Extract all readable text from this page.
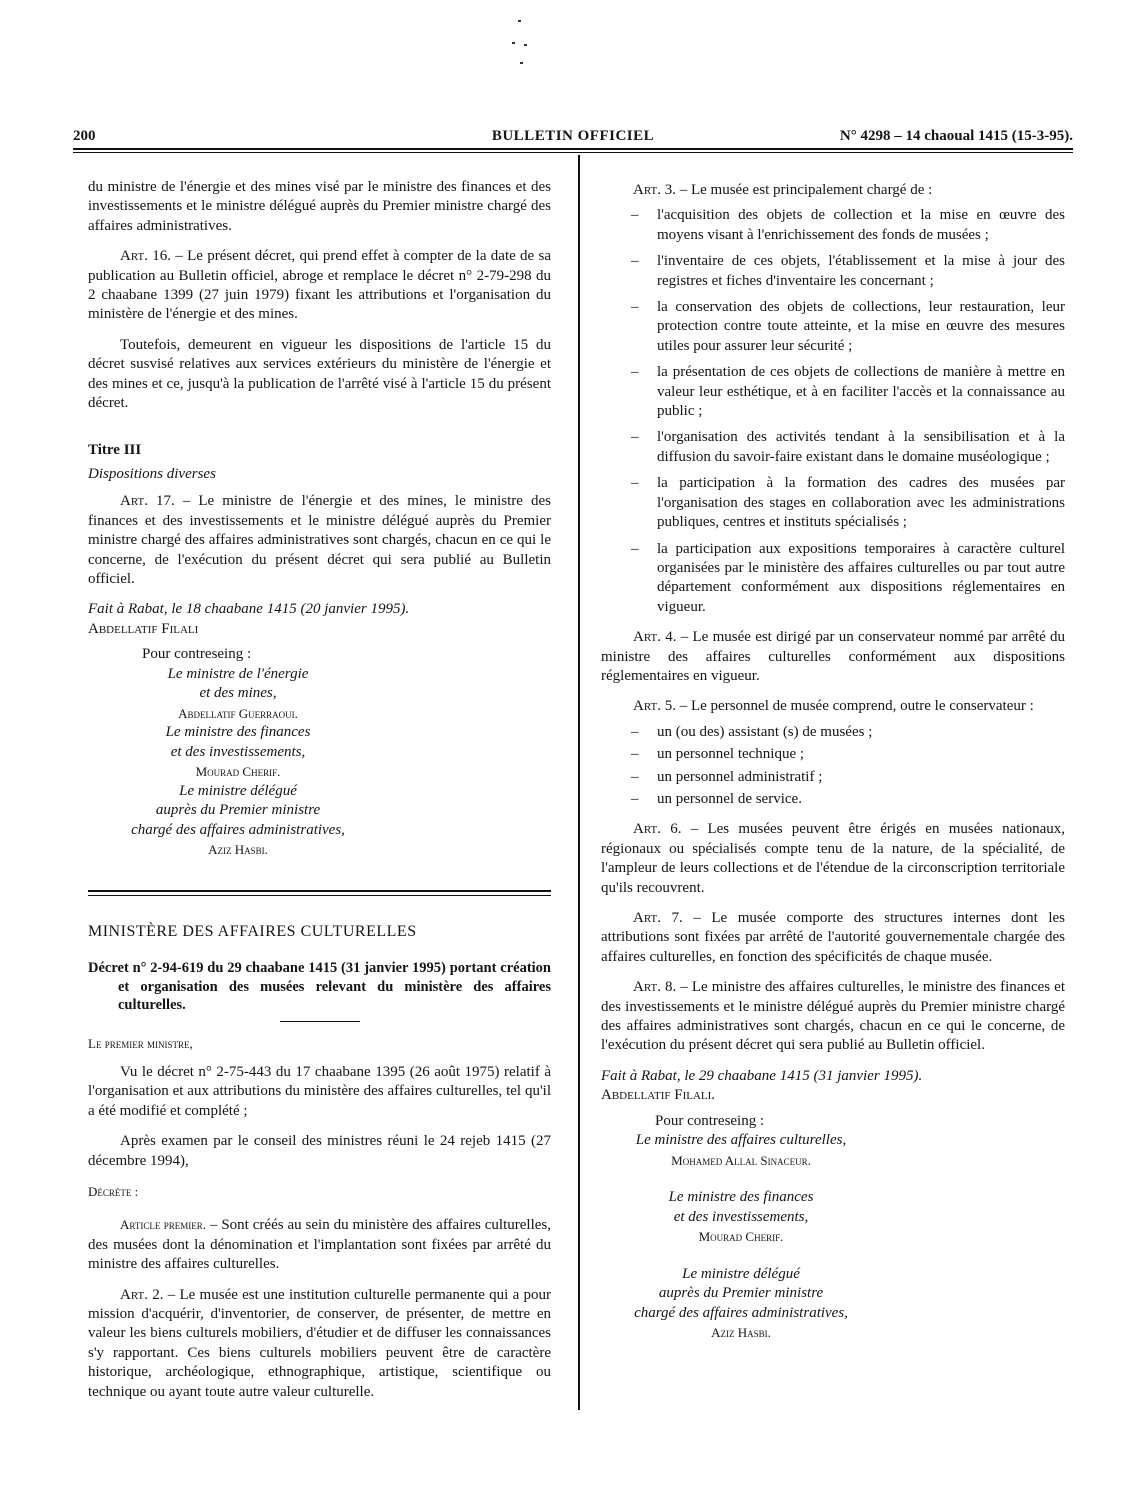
200	BULLETIN OFFICIEL	N° 4298 – 14 chaoual 1415 (15-3-95).

du ministre de l'énergie et des mines visé par le ministre des finances et des investissements et le ministre délégué auprès du Premier ministre chargé des affaires administratives.

Art. 16. – Le présent décret, qui prend effet à compter de la date de sa publication au Bulletin officiel, abroge et remplace le décret n° 2-79-298 du 2 chaabane 1399 (27 juin 1979) fixant les attributions et l'organisation du ministère de l'énergie et des mines.

Toutefois, demeurent en vigueur les dispositions de l'article 15 du décret susvisé relatives aux services extérieurs du ministère de l'énergie et des mines et ce, jusqu'à la publication de l'arrêté visé à l'article 15 du présent décret.

Titre III

Dispositions diverses

Art. 17. – Le ministre de l'énergie et des mines, le ministre des finances et des investissements et le ministre délégué auprès du Premier ministre chargé des affaires administratives sont chargés, chacun en ce qui le concerne, de l'exécution du présent décret qui sera publié au Bulletin officiel.

Fait à Rabat, le 18 chaabane 1415 (20 janvier 1995).

Abdellatif Filali

Pour contreseing :
Le ministre de l'énergie
et des mines,
Abdellatif Guerraoui.
Le ministre des finances
et des investissements,
Mourad Cherif.
Le ministre délégué
auprès du Premier ministre
chargé des affaires administratives,
Aziz Hasbi.

MINISTÈRE DES AFFAIRES CULTURELLES

Décret n° 2-94-619 du 29 chaabane 1415 (31 janvier 1995) portant création et organisation des musées relevant du ministère des affaires culturelles.

Le premier ministre,

Vu le décret n° 2-75-443 du 17 chaabane 1395 (26 août 1975) relatif à l'organisation et aux attributions du ministère des affaires culturelles, tel qu'il a été modifié et complété ;

Après examen par le conseil des ministres réuni le 24 rejeb 1415 (27 décembre 1994),

Décrète :

Article premier. – Sont créés au sein du ministère des affaires culturelles, des musées dont la dénomination et l'implantation sont fixées par arrêté du ministre des affaires culturelles.

Art. 2. – Le musée est une institution culturelle permanente qui a pour mission d'acquérir, d'inventorier, de conserver, de présenter, de mettre en valeur les biens culturels mobiliers, d'étudier et de diffuser les connaissances s'y rapportant. Ces biens culturels mobiliers peuvent être de caractère historique, archéologique, ethnographique, artistique, scientifique ou technique ou ayant toute autre valeur culturelle.

Art. 3. – Le musée est principalement chargé de :

– l'acquisition des objets de collection et la mise en œuvre des moyens visant à l'enrichissement des fonds de musées ;
– l'inventaire de ces objets, l'établissement et la mise à jour des registres et fiches d'inventaire les concernant ;
– la conservation des objets de collections, leur restauration, leur protection contre toute atteinte, et la mise en œuvre des mesures utiles pour assurer leur sécurité ;
– la présentation de ces objets de collections de manière à mettre en valeur leur esthétique, et à en faciliter l'accès et la connaissance au public ;
– l'organisation des activités tendant à la sensibilisation et à la diffusion du savoir-faire existant dans le domaine muséologique ;
– la participation à la formation des cadres des musées par l'organisation des stages en collaboration avec les administrations publiques, centres et instituts spécialisés ;
– la participation aux expositions temporaires à caractère culturel organisées par le ministère des affaires culturelles ou par tout autre département conformément aux dispositions réglementaires en vigueur.

Art. 4. – Le musée est dirigé par un conservateur nommé par arrêté du ministre des affaires culturelles conformément aux dispositions réglementaires en vigueur.

Art. 5. – Le personnel de musée comprend, outre le conservateur :

– un (ou des) assistant (s) de musées ;
– un personnel technique ;
– un personnel administratif ;
– un personnel de service.

Art. 6. – Les musées peuvent être érigés en musées nationaux, régionaux ou spécialisés compte tenu de la nature, de la spécialité, de l'ampleur de leurs collections et de l'étendue de la circonscription territoriale qu'ils recouvrent.

Art. 7. – Le musée comporte des structures internes dont les attributions sont fixées par arrêté de l'autorité gouvernementale chargée des affaires culturelles, en fonction des spécificités de chaque musée.

Art. 8. – Le ministre des affaires culturelles, le ministre des finances et des investissements et le ministre délégué auprès du Premier ministre chargé des affaires administratives sont chargés, chacun en ce qui le concerne, de l'exécution du présent décret qui sera publié au Bulletin officiel.

Fait à Rabat, le 29 chaabane 1415 (31 janvier 1995).

Abdellatif Filali.

Pour contreseing :
Le ministre des affaires culturelles,
Mohamed Allal Sinaceur.
Le ministre des finances
et des investissements,
Mourad Cherif.
Le ministre délégué
auprès du Premier ministre
chargé des affaires administratives,
Aziz Hasbi.
